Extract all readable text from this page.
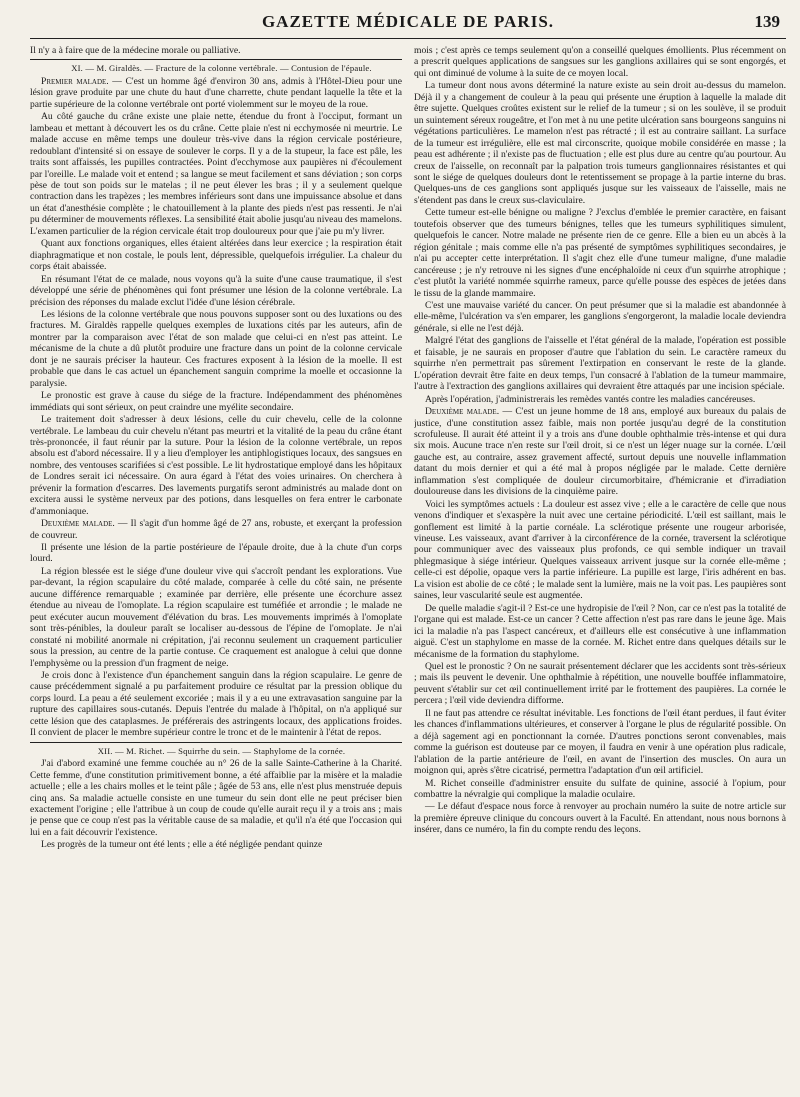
GAZETTE MÉDICALE DE PARIS.	139

Il n'y a à faire que de la médecine morale ou palliative.

XI. — M. Giraldès. — Fracture de la colonne vertébrale. — Contusion de l'épaule.

Premier malade. — C'est un homme âgé d'environ 30 ans, admis à l'Hôtel-Dieu pour une lésion grave produite par une chute du haut d'une charrette, chute pendant laquelle la tête et la partie supérieure de la colonne vertébrale ont porté violemment sur le moyeu de la roue.

Au côté gauche du crâne existe une plaie nette, étendue du front à l'occiput, formant un lambeau et mettant à découvert les os du crâne. Cette plaie n'est ni ecchymosée ni meurtrie. Le malade accuse en même temps une douleur très-vive dans la région cervicale postérieure, redoublant d'intensité si on essaye de soulever le corps. Il y a de la stupeur, la face est pâle, les traits sont affaissés, les pupilles contractées. Point d'ecchymose aux paupières ni d'écoulement par l'oreille. Le malade voit et entend ; sa langue se meut facilement et sans déviation ; son corps pèse de tout son poids sur le matelas ; il ne peut élever les bras ; il y a seulement quelque contraction dans les trapèzes ; les membres inférieurs sont dans une impuissance absolue et dans un état d'anesthésie complète ; le chatouillement à la plante des pieds n'est pas ressenti. Je n'ai pu déterminer de mouvements réflexes. La sensibilité était abolie jusqu'au niveau des mamelons. L'examen particulier de la région cervicale était trop douloureux pour que j'aie pu m'y livrer.

Quant aux fonctions organiques, elles étaient altérées dans leur exercice ; la respiration était diaphragmatique et non costale, le pouls lent, dépressible, quelquefois irrégulier. La chaleur du corps était abaissée.

En résumant l'état de ce malade, nous voyons qu'à la suite d'une cause traumatique, il s'est développé une série de phénomènes qui font présumer une lésion de la colonne vertébrale. La précision des réponses du malade exclut l'idée d'une lésion cérébrale.

Les lésions de la colonne vertébrale que nous pouvons supposer sont ou des luxations ou des fractures. M. Giraldès rappelle quelques exemples de luxations cités par les auteurs, afin de montrer par la comparaison avec l'état de son malade que celui-ci en n'est pas atteint. Le mécanisme de la chute a dû plutôt produire une fracture dans un point de la colonne cervicale dont je ne saurais préciser la hauteur. Ces fractures exposent à la lésion de la moelle. Il est probable que dans le cas actuel un épanchement sanguin comprime la moelle et occasionne la paralysie.

Le pronostic est grave à cause du siége de la fracture. Indépendamment des phénomènes immédiats qui sont sérieux, on peut craindre une myélite secondaire.

Le traitement doit s'adresser à deux lésions, celle du cuir chevelu, celle de la colonne vertébrale. Le lambeau du cuir chevelu n'étant pas meurtri et la vitalité de la peau du crâne étant très-prononcée, il faut réunir par la suture. Pour la lésion de la colonne vertébrale, un repos absolu est d'abord nécessaire. Il y a lieu d'employer les antiphlogistiques locaux, des sangsues en nombre, des ventouses scarifiées si c'est possible. Le lit hydrostatique employé dans les hôpitaux de Londres serait ici nécessaire. On aura égard à l'état des voies urinaires. On cherchera à prévenir la formation d'escarres. Des lavements purgatifs seront administrés au malade dont on excitera aussi le système nerveux par des potions, dans lesquelles on fera entrer le carbonate d'ammoniaque.

Deuxième malade. — Il s'agit d'un homme âgé de 27 ans, robuste, et exerçant la profession de couvreur.

Il présente une lésion de la partie postérieure de l'épaule droite, due à la chute d'un corps lourd.

La région blessée est le siége d'une douleur vive qui s'accroît pendant les explorations. Vue par-devant, la région scapulaire du côté malade, comparée à celle du côté sain, ne présente aucune différence remarquable ; examinée par derrière, elle présente une écorchure assez étendue au niveau de l'omoplate. La région scapulaire est tuméfiée et arrondie ; le malade ne peut exécuter aucun mouvement d'élévation du bras. Les mouvements imprimés à l'omoplate sont très-pénibles, la douleur paraît se localiser au-dessous de l'épine de l'omoplate. Je n'ai constaté ni mobilité anormale ni crépitation, j'ai reconnu seulement un craquement particulier sous la pression, au centre de la partie contuse. Ce craquement est analogue à celui que donne l'emphysème ou la pression d'un fragment de neige.

Je crois donc à l'existence d'un épanchement sanguin dans la région scapulaire. Le genre de cause précédemment signalé a pu parfaitement produire ce résultat par la pression oblique du corps lourd. La peau a été seulement excoriée ; mais il y a eu une extravasation sanguine par la rupture des capillaires sous-cutanés. Depuis l'entrée du malade à l'hôpital, on n'a appliqué sur cette lésion que des cataplasmes. Je préférerais des astringents locaux, des applications froides. Il convient de placer le membre supérieur contre le tronc et de le maintenir à l'état de repos.

XII. — M. Richet. — Squirrhe du sein. — Staphylome de la cornée.

J'ai d'abord examiné une femme couchée au n° 26 de la salle Sainte-Catherine à la Charité. Cette femme, d'une constitution primitivement bonne, a été affaiblie par la misère et la maladie actuelle ; elle a les chairs molles et le teint pâle ; âgée de 53 ans, elle n'est plus menstruée depuis cinq ans. Sa maladie actuelle consiste en une tumeur du sein dont elle ne peut préciser bien exactement l'origine ; elle l'attribue à un coup de coude qu'elle aurait reçu il y a trois ans ; mais je pense que ce coup n'est pas la véritable cause de sa maladie, et qu'il n'a été que l'occasion qui lui en a fait découvrir l'existence.

Les progrès de la tumeur ont été lents ; elle a été négligée pendant quinze

mois ; c'est après ce temps seulement qu'on a conseillé quelques émollients. Plus récemment on a prescrit quelques applications de sangsues sur les ganglions axillaires qui se sont engorgés, et qui ont diminué de volume à la suite de ce moyen local.

La tumeur dont nous avons déterminé la nature existe au sein droit au-dessus du mamelon. Déjà il y a changement de couleur à la peau qui présente une éruption à laquelle la malade dit être sujette. Quelques croûtes existent sur le relief de la tumeur ; si on les soulève, il se produit un suintement séreux rougeâtre, et l'on met à nu une petite ulcération sans bourgeons sanguins ni végétations particulières. Le mamelon n'est pas rétracté ; il est au contraire saillant. La surface de la tumeur est irrégulière, elle est mal circonscrite, quoique mobile considérée en masse ; la peau est adhérente ; il n'existe pas de fluctuation ; elle est plus dure au centre qu'au pourtour. Au creux de l'aisselle, on reconnaît par la palpation trois tumeurs ganglionnaires résistantes et qui sont le siége de quelques douleurs dont le retentissement se propage à la partie interne du bras. Quelques-uns de ces ganglions sont appliqués jusque sur les vaisseaux de l'aisselle, mais ne s'étendent pas dans le creux sus-claviculaire.

Cette tumeur est-elle bénigne ou maligne ? J'exclus d'emblée le premier caractère, en faisant toutefois observer que des tumeurs bénignes, telles que les tumeurs syphilitiques simulent, quelquefois le cancer. Notre malade ne présente rien de ce genre. Elle a bien eu un abcès à la région génitale ; mais comme elle n'a pas présenté de symptômes syphilitiques secondaires, je n'ai pu accepter cette interprétation. Il s'agit chez elle d'une tumeur maligne, d'une maladie cancéreuse ; je n'y retrouve ni les signes d'une encéphaloïde ni ceux d'un squirrhe atrophique ; c'est plutôt la variété nommée squirrhe rameux, parce qu'elle pousse des espèces de jetées dans le tissu de la glande mammaire.

C'est une mauvaise variété du cancer. On peut présumer que si la maladie est abandonnée à elle-même, l'ulcération va s'en emparer, les ganglions s'engorgeront, la maladie locale deviendra générale, si elle ne l'est déjà.

Malgré l'état des ganglions de l'aisselle et l'état général de la malade, l'opération est possible et faisable, je ne saurais en proposer d'autre que l'ablation du sein. Le caractère rameux du squirrhe n'en permettrait pas sûrement l'extirpation en conservant le reste de la glande. L'opération devrait être faite en deux temps, l'un consacré à l'ablation de la tumeur mammaire, l'autre à l'extraction des ganglions axillaires qui devraient être attaqués par une incision spéciale.

Après l'opération, j'administrerais les remèdes vantés contre les maladies cancéreuses.

Deuxième malade. — C'est un jeune homme de 18 ans, employé aux bureaux du palais de justice, d'une constitution assez faible, mais non portée jusqu'au degré de la constitution scrofuleuse. Il aurait été atteint il y a trois ans d'une double ophthalmie très-intense et qui dura six mois. Aucune trace n'en reste sur l'œil droit, si ce n'est un léger nuage sur la cornée. L'œil gauche est, au contraire, assez gravement affecté, surtout depuis une nouvelle inflammation datant du mois dernier et qui a été mal à propos négligée par le malade. Cette dernière inflammation s'est compliquée de douleur circumorbitaire, d'hémicranie et d'irradiation douloureuse dans les divisions de la cinquième paire.

Voici les symptômes actuels : La douleur est assez vive ; elle a le caractère de celle que nous venons d'indiquer et s'exaspère la nuit avec une certaine périodicité. L'œil est saillant, mais le gonflement est limité à la partie cornéale. La sclérotique présente une rougeur arborisée, vineuse. Les vaisseaux, avant d'arriver à la circonférence de la cornée, traversent la sclérotique pour communiquer avec des vaisseaux plus profonds, ce qui semble indiquer un travail phlegmasique à siége intérieur. Quelques vaisseaux arrivent jusque sur la cornée elle-même ; celle-ci est dépolie, opaque vers la partie inférieure. La pupille est large, l'iris adhérent en bas. La vision est abolie de ce côté ; le malade sent la lumière, mais ne la voit pas. Les paupières sont saines, leur vascularité seule est augmentée.

De quelle maladie s'agit-il ? Est-ce une hydropisie de l'œil ? Non, car ce n'est pas la totalité de l'organe qui est malade. Est-ce un cancer ? Cette affection n'est pas rare dans le jeune âge. Mais ici la maladie n'a pas l'aspect cancéreux, et d'ailleurs elle est consécutive à une inflammation aiguë. C'est un staphylome en masse de la cornée. M. Richet entre dans quelques détails sur le mécanisme de la formation du staphylome.

Quel est le pronostic ? On ne saurait présentement déclarer que les accidents sont très-sérieux ; mais ils peuvent le devenir. Une ophthalmie à répétition, une nouvelle bouffée inflammatoire, peuvent s'établir sur cet œil continuellement irrité par le frottement des paupières. La cornée le percera ; l'œil vide deviendra difforme.

Il ne faut pas attendre ce résultat inévitable. Les fonctions de l'œil étant perdues, il faut éviter les chances d'inflammations ultérieures, et conserver à l'organe le plus de régularité possible. On a déjà sagement agi en ponctionnant la cornée. D'autres ponctions seront convenables, mais comme la guérison est douteuse par ce moyen, il faudra en venir à une opération plus radicale, l'ablation de la partie antérieure de l'œil, en avant de l'insertion des muscles. On aura un moignon qui, après s'être cicatrisé, permettra l'adaptation d'un œil artificiel.

M. Richet conseille d'administrer ensuite du sulfate de quinine, associé à l'opium, pour combattre la névralgie qui complique la maladie oculaire.

— Le défaut d'espace nous force à renvoyer au prochain numéro la suite de notre article sur la première épreuve clinique du concours ouvert à la Faculté. En attendant, nous nous bornons à insérer, dans ce numéro, la fin du compte rendu des leçons.
